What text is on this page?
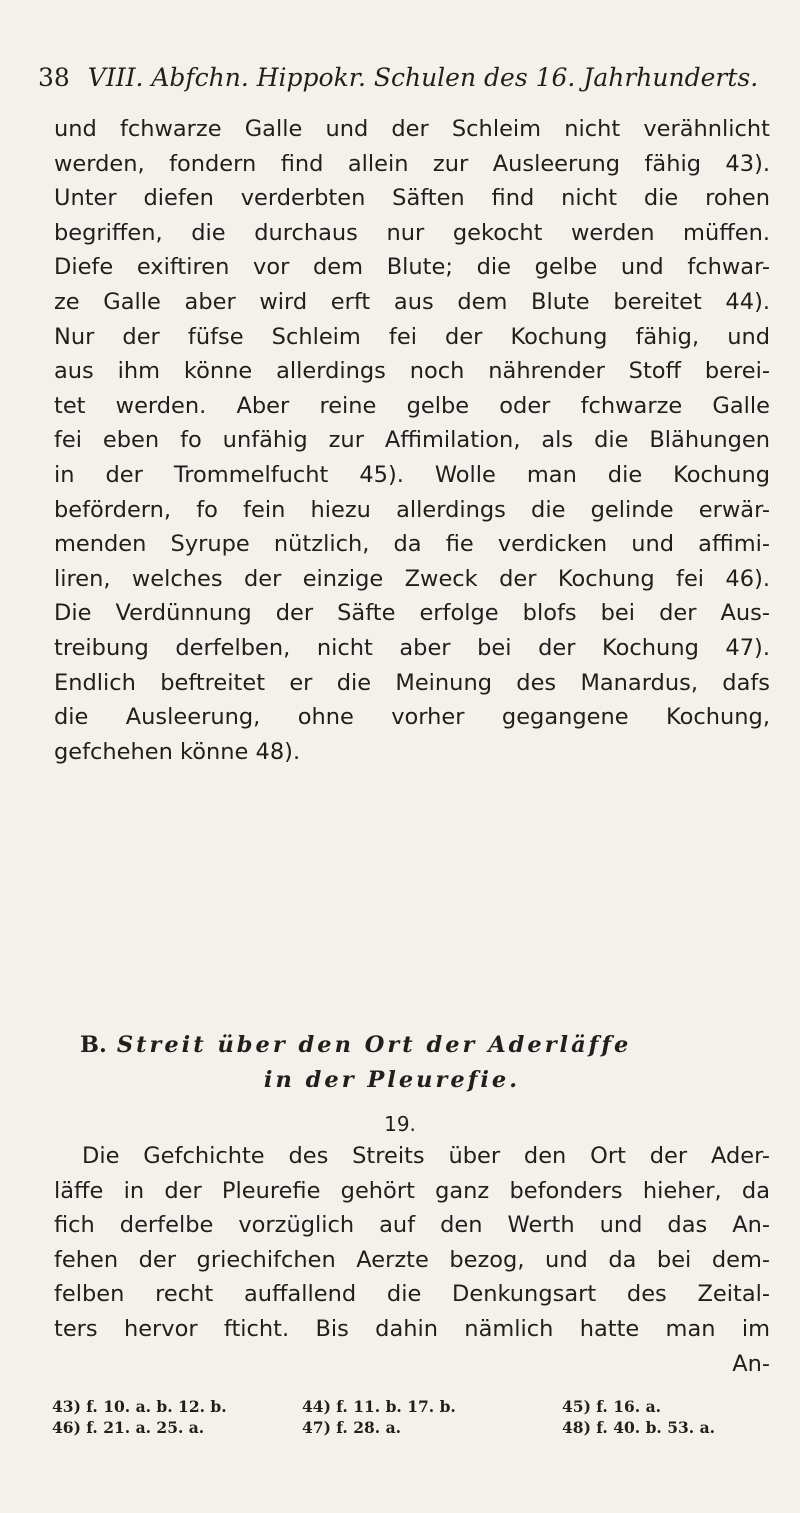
38 VIII. Abfchn. Hippokr. Schulen des 16. Jahrhunderts.
und fchwarze Galle und der Schleim nicht verähnlicht
werden, fondern find allein zur Ausleerung fähig 43).
Unter diefen verderbten Säften find nicht die rohen
begriffen, die durchaus nur gekocht werden müffen.
Diefe exiftiren vor dem Blute; die gelbe und fchwar-
ze Galle aber wird erft aus dem Blute bereitet 44).
Nur der füfse Schleim fei der Kochung fähig, und
aus ihm könne allerdings noch nährender Stoff berei-
tet werden. Aber reine gelbe oder fchwarze Galle
fei eben fo unfähig zur Affimilation, als die Blähungen
in der Trommelfucht 45). Wolle man die Kochung
befördern, fo fein hiezu allerdings die gelinde erwär-
menden Syrupe nützlich, da fie verdicken und affimi-
liren, welches der einzige Zweck der Kochung fei 46).
Die Verdünnung der Säfte erfolge blofs bei der Aus-
treibung derfelben, nicht aber bei der Kochung 47).
Endlich beftreitet er die Meinung des Manardus, dafs
die Ausleerung, ohne vorher gegangene Kochung,
gefchehen könne 48).
B. Streit über den Ort der Aderläffe
in der Pleurefie.
19.
Die Gefchichte des Streits über den Ort der Ader-
läffe in der Pleurefie gehört ganz befonders hieher, da
fich derfelbe vorzüglich auf den Werth und das An-
fehen der griechifchen Aerzte bezog, und da bei dem-
felben recht auffallend die Denkungsart des Zeital-
ters hervor fticht. Bis dahin nämlich hatte man im
An-
43) f. 10. a. b. 12. b.	44) f. 11. b. 17. b.	45) f. 16. a.
46) f. 21. a. 25. a.	47) f. 28. a.	48) f. 40. b. 53. a.
